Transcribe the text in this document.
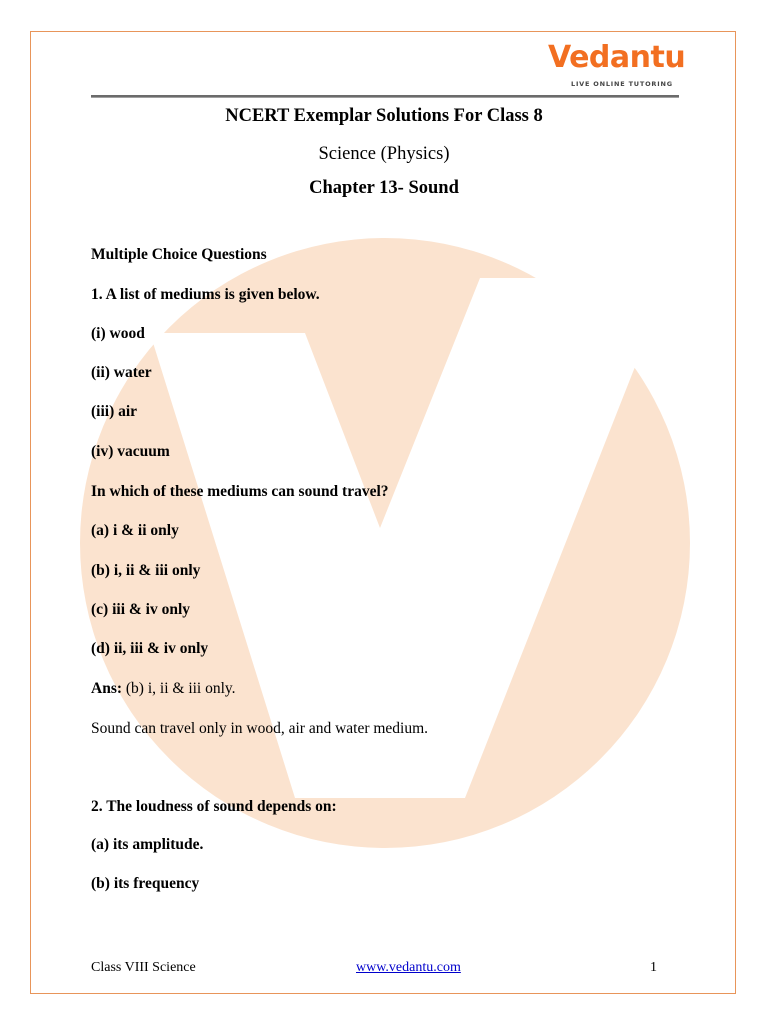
Vedantu
LIVE ONLINE TUTORING
NCERT Exemplar Solutions For Class 8
Science (Physics)
Chapter 13- Sound
Multiple Choice Questions
1. A list of mediums is given below.
(i) wood
(ii) water
(iii) air
(iv) vacuum
In which of these mediums can sound travel?
(a) i & ii only
(b) i, ii & iii only
(c) iii & iv only
(d) ii, iii & iv only
Ans: (b) i, ii & iii only.
Sound can travel only in wood, air and water medium.
2. The loudness of sound depends on:
(a) its amplitude.
(b) its frequency
Class VIII Science	www.vedantu.com	1
